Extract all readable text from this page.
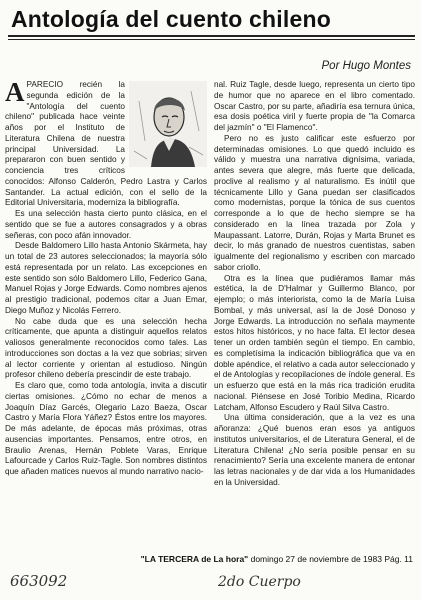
Antología del cuento chileno
Por Hugo Montes

APARECIO recién la segunda edición de la "Antología del cuento chileno" publicada hace veinte años por el Instituto de Literatura Chilena de nuestra principal Universidad. La prepararon con buen sentido y conciencia tres críticos conocidos: Alfonso Calderón, Pedro Lastra y Carlos Santander. La actual edición, con el sello de la Editorial Universitaria, moderniza la bibliografía.

Es una selección hasta cierto punto clásica, en el sentido que se fue a autores consagrados y a obras señeras, con poco afán innovador.

Desde Baldomero Lillo hasta Antonio Skármeta, hay un total de 23 autores seleccionados; la mayoría sólo está representada por un relato. Las excepciones en este sentido son sólo Baldomero Lillo, Federico Gana, Manuel Rojas y Jorge Edwards. Como nombres ajenos al prestigio tradicional, podemos citar a Juan Emar, Diego Muñoz y Nicolás Ferrero.

No cabe duda que es una selección hecha críticamente, que apunta a distinguir aquellos relatos valiosos generalmente reconocidos como tales. Las introducciones son doctas a la vez que sobrias; sirven al lector corriente y orientan al estudioso. Ningún profesor chileno debería prescindir de este trabajo.

Es claro que, como toda antología, invita a discutir ciertas omisiones. ¿Cómo no echar de menos a Joaquín Díaz Garcés, Olegario Lazo Baeza, Oscar Castro y María Flora Yáñez? Éstos entre los mayores. De más adelante, de épocas más próximas, otras ausencias importantes. Pensamos, entre otros, en Braulio Arenas, Hernán Poblete Varas, Enrique Lafourcade y Carlos Ruiz-Tagle. Son nombres distintos que añaden matices nuevos al mundo narrativo nacio-

nal. Ruiz Tagle, desde luego, representa un cierto tipo de humor que no aparece en el libro comentado. Oscar Castro, por su parte, añadiría esa ternura única, esa dosis poética viril y fuerte propia de "la Comarca del jazmín" o "El Flamenco".

Pero no es justo calificar este esfuerzo por determinadas omisiones. Lo que quedó incluido es válido y muestra una narrativa dignísima, variada, antes severa que alegre, más fuerte que delicada, proclive al realismo y al naturalismo. Es inútil que técnicamente Lillo y Gana puedan ser clasificados como modernistas, porque la tónica de sus cuentos corresponde a lo que de hecho siempre se ha considerado en la línea trazada por Zola y Maupassant. Latorre, Durán, Rojas y Marta Brunet es decir, lo más granado de nuestros cuentistas, saben igualmente del regionalismo y escriben con marcado sabor criollo.

Otra es la línea que pudiéramos llamar más estética, la de D'Halmar y Guillermo Blanco, por ejemplo; o más interiorista, como la de María Luisa Bombal, y más universal, así la de José Donoso y Jorge Edwards. La introducción no señala maymente estos hitos históricos, y no hace falta. El lector desea tener un orden también según el tiempo. En cambio, es completísima la indicación bibliográfica que va en doble apéndice, el relativo a cada autor seleccionado y el de Antologías y recopilaciones de índole general. Es un esfuerzo que está en la más rica tradición erudita nacional. Piénsese en José Toribio Medina, Ricardo Latcham, Alfonso Escudero y Raúl Silva Castro.

Una última consideración, que a la vez es una añoranza: ¿Qué buenos eran esos ya antiguos institutos universitarios, el de Literatura General, el de Literatura Chilena! ¿No sería posible pensar en su renacimiento? Sería una excelente manera de entonar las letras nacionales y de dar vida a los Humanidades en la Universidad.

"LA TERCERA de La hora" domingo 27 de noviembre de 1983 Pág. 11
663092	2do Cuerpo
